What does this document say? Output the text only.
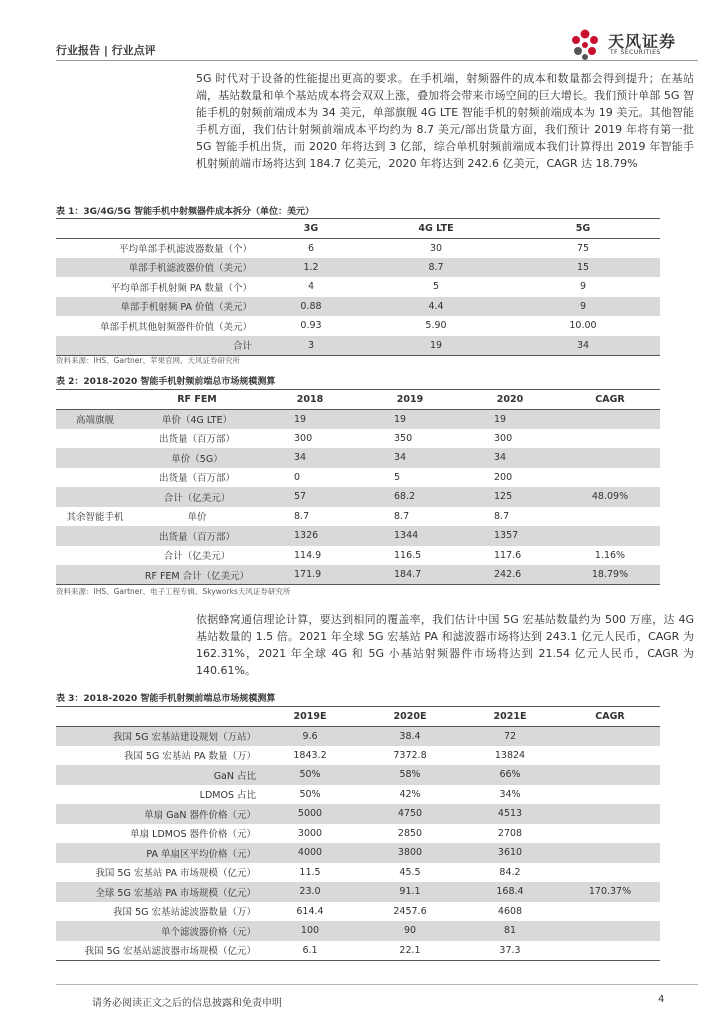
行业报告 | 行业点评	天风证券
TF SECURITIES

5G 时代对于设备的性能提出更高的要求。在手机端，射频器件的成本和数量都会得到提升；在基站端，基站数量和单个基站成本将会双双上涨，叠加将会带来市场空间的巨大增长。我们预计单部 5G 智能手机的射频前端成本为 34 美元，单部旗舰 4G LTE 智能手机的射频前端成本为 19 美元。其他智能手机方面，我们估计射频前端成本平均约为 8.7 美元/部出货量方面，我们预计 2019 年将有第一批 5G 智能手机出货，而 2020 年将达到 3 亿部，综合单机射频前端成本我们计算得出 2019 年智能手机射频前端市场将达到 184.7 亿美元，2020 年将达到 242.6 亿美元，CAGR 达 18.79%

表 1：3G/4G/5G 智能手机中射频器件成本拆分（单位：美元）
	3G	4G LTE	5G
平均单部手机滤波器数量（个）	6	30	75
单部手机滤波器价值（美元）	1.2	8.7	15
平均单部手机射频 PA 数量（个）	4	5	9
单部手机射频 PA 价值（美元）	0.88	4.4	9
单部手机其他射频器件价值（美元）	0.93	5.90	10.00
合计	3	19	34
资料来源：IHS、Gartner、苹果官网、天风证券研究所
表 2：2018-2020 智能手机射频前端总市场规模测算
	RF FEM	2018	2019	2020	CAGR
高端旗舰	单价（4G LTE）	19	19	19	
	出货量（百万部）	300	350	300	
	单价（5G）	34	34	34	
	出货量（百万部）	0	5	200	
	合计（亿美元）	57	68.2	125	48.09%
其余智能手机	单价	8.7	8.7	8.7	
	出货量（百万部）	1326	1344	1357	
	合计（亿美元）	114.9	116.5	117.6	1.16%
	RF FEM 合计（亿美元）	171.9	184.7	242.6	18.79%
资料来源：IHS、Gartner、电子工程专辑、Skyworks天风证券研究所

依据蜂窝通信理论计算，要达到相同的覆盖率，我们估计中国 5G 宏基站数量约为 500 万座，达 4G 基站数量的 1.5 倍。2021 年全球 5G 宏基站 PA 和滤波器市场将达到 243.1 亿元人民币，CAGR 为 162.31%，2021 年全球 4G 和 5G 小基站射频器件市场将达到 21.54 亿元人民币，CAGR 为 140.61%。

表 3：2018-2020 智能手机射频前端总市场规模测算
	2019E	2020E	2021E	CAGR
我国 5G 宏基站建设规划（万站）	9.6	38.4	72	
我国 5G 宏基站 PA 数量（万）	1843.2	7372.8	13824	
GaN 占比	50%	58%	66%	
LDMOS 占比	50%	42%	34%	
单扇 GaN 器件价格（元）	5000	4750	4513	
单扇 LDMOS 器件价格（元）	3000	2850	2708	
PA 单扇区平均价格（元）	4000	3800	3610	
我国 5G 宏基站 PA 市场规模（亿元）	11.5	45.5	84.2	
全球 5G 宏基站 PA 市场规模（亿元）	23.0	91.1	168.4	170.37%
我国 5G 宏基站滤波器数量（万）	614.4	2457.6	4608	
单个滤波器价格（元）	100	90	81	
我国 5G 宏基站滤波器市场规模（亿元）	6.1	22.1	37.3	
请务必阅读正文之后的信息披露和免责申明	4
